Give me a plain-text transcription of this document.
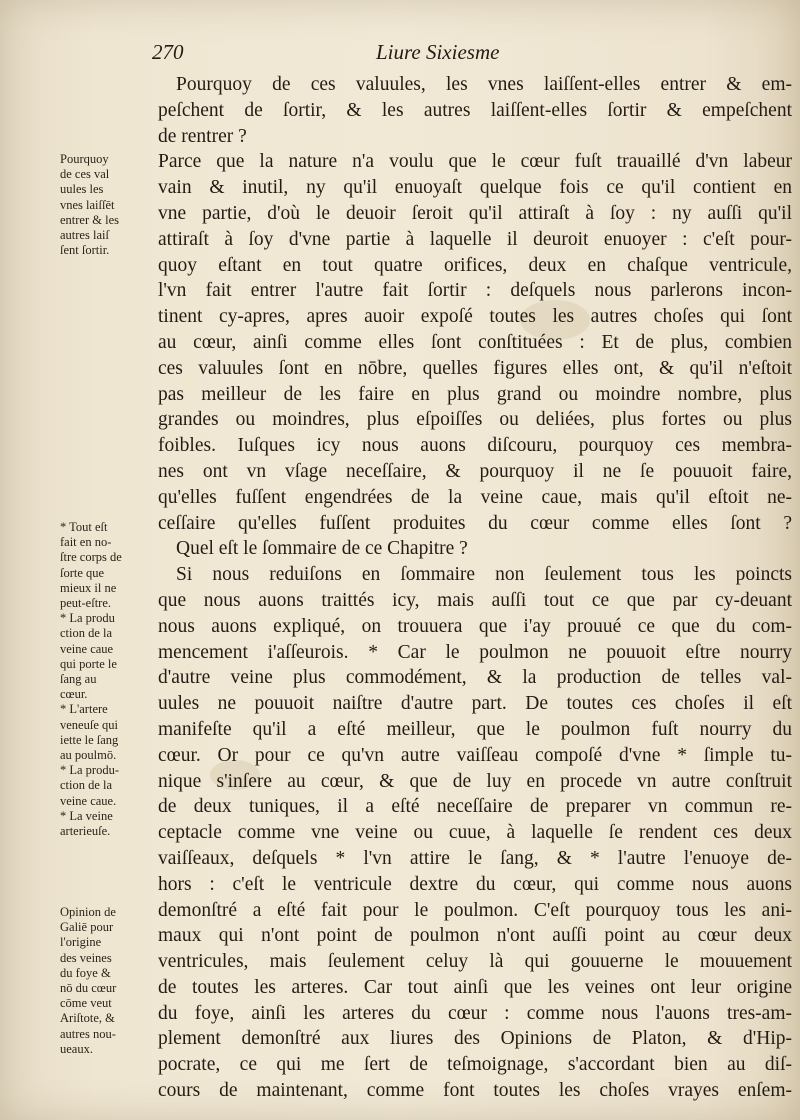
270	Liure Sixiesme
Pourquoy
de ces val
uules les
vnes laiſſēt
entrer & les
autres laiſ
ſent ſortir.
* Tout eſt
fait en no-
ſtre corps de
ſorte que
mieux il ne
peut-eſtre.
* La produ
ction de la
veine caue
qui porte le
ſang au
cœur.
* L'artere
veneuſe qui
iette le ſang
au poulmō.
* La produ-
ction de la
veine caue.
* La veine
arterieuſe.
Opinion de
Galiē pour
l'origine
des veines
du foye &
nō du cœur
cōme veut
Ariſtote, &
autres nou-
ueaux.
Pourquoy de ces valuules, les vnes laiſſent-elles entrer & em-
peſchent de ſortir, & les autres laiſſent-elles ſortir & empeſchent
de rentrer ?
Parce que la nature n'a voulu que le cœur fuſt trauaillé d'vn labeur
vain & inutil, ny qu'il enuoyaſt quelque fois ce qu'il contient en
vne partie, d'où le deuoir ſeroit qu'il attiraſt à ſoy : ny auſſi qu'il
attiraſt à ſoy d'vne partie à laquelle il deuroit enuoyer : c'eſt pour-
quoy eſtant en tout quatre orifices, deux en chaſque ventricule,
l'vn fait entrer l'autre fait ſortir : deſquels nous parlerons incon-
tinent cy-apres, apres auoir expoſé toutes les autres choſes qui ſont
au cœur, ainſi comme elles ſont conſtituées : Et de plus, combien
ces valuules ſont en nōbre, quelles figures elles ont, & qu'il n'eſtoit
pas meilleur de les faire en plus grand ou moindre nombre, plus
grandes ou moindres, plus eſpoiſſes ou deliées, plus fortes ou plus
foibles. Iuſques icy nous auons diſcouru, pourquoy ces membra-
nes ont vn vſage neceſſaire, & pourquoy il ne ſe pouuoit faire,
qu'elles fuſſent engendrées de la veine caue, mais qu'il eſtoit ne-
ceſſaire qu'elles fuſſent produites du cœur comme elles ſont ?
Quel eſt le ſommaire de ce Chapitre ?
Si nous reduiſons en ſommaire non ſeulement tous les poincts
que nous auons traittés icy, mais auſſi tout ce que par cy-deuant
nous auons expliqué, on trouuera que i'ay prouué ce que du com-
mencement i'aſſeurois. * Car le poulmon ne pouuoit eſtre nourry
d'autre veine plus commodément, & la production de telles val-
uules ne pouuoit naiſtre d'autre part. De toutes ces choſes il eſt
manifeſte qu'il a eſté meilleur, que le poulmon fuſt nourry du
cœur. Or pour ce qu'vn autre vaiſſeau compoſé d'vne * ſimple tu-
nique s'inſere au cœur, & que de luy en procede vn autre conſtruit
de deux tuniques, il a eſté neceſſaire de preparer vn commun re-
ceptacle comme vne veine ou cuue, à laquelle ſe rendent ces deux
vaiſſeaux, deſquels * l'vn attire le ſang, & * l'autre l'enuoye de-
hors : c'eſt le ventricule dextre du cœur, qui comme nous auons
demonſtré a eſté fait pour le poulmon. C'eſt pourquoy tous les ani-
maux qui n'ont point de poulmon n'ont auſſi point au cœur deux
ventricules, mais ſeulement celuy là qui gouuerne le mouuement
de toutes les arteres. Car tout ainſi que les veines ont leur origine
du foye, ainſi les arteres du cœur : comme nous l'auons tres-am-
plement demonſtré aux liures des Opinions de Platon, & d'Hip-
pocrate, ce qui me ſert de teſmoignage, s'accordant bien au diſ-
cours de maintenant, comme font toutes les choſes vrayes enſem-
